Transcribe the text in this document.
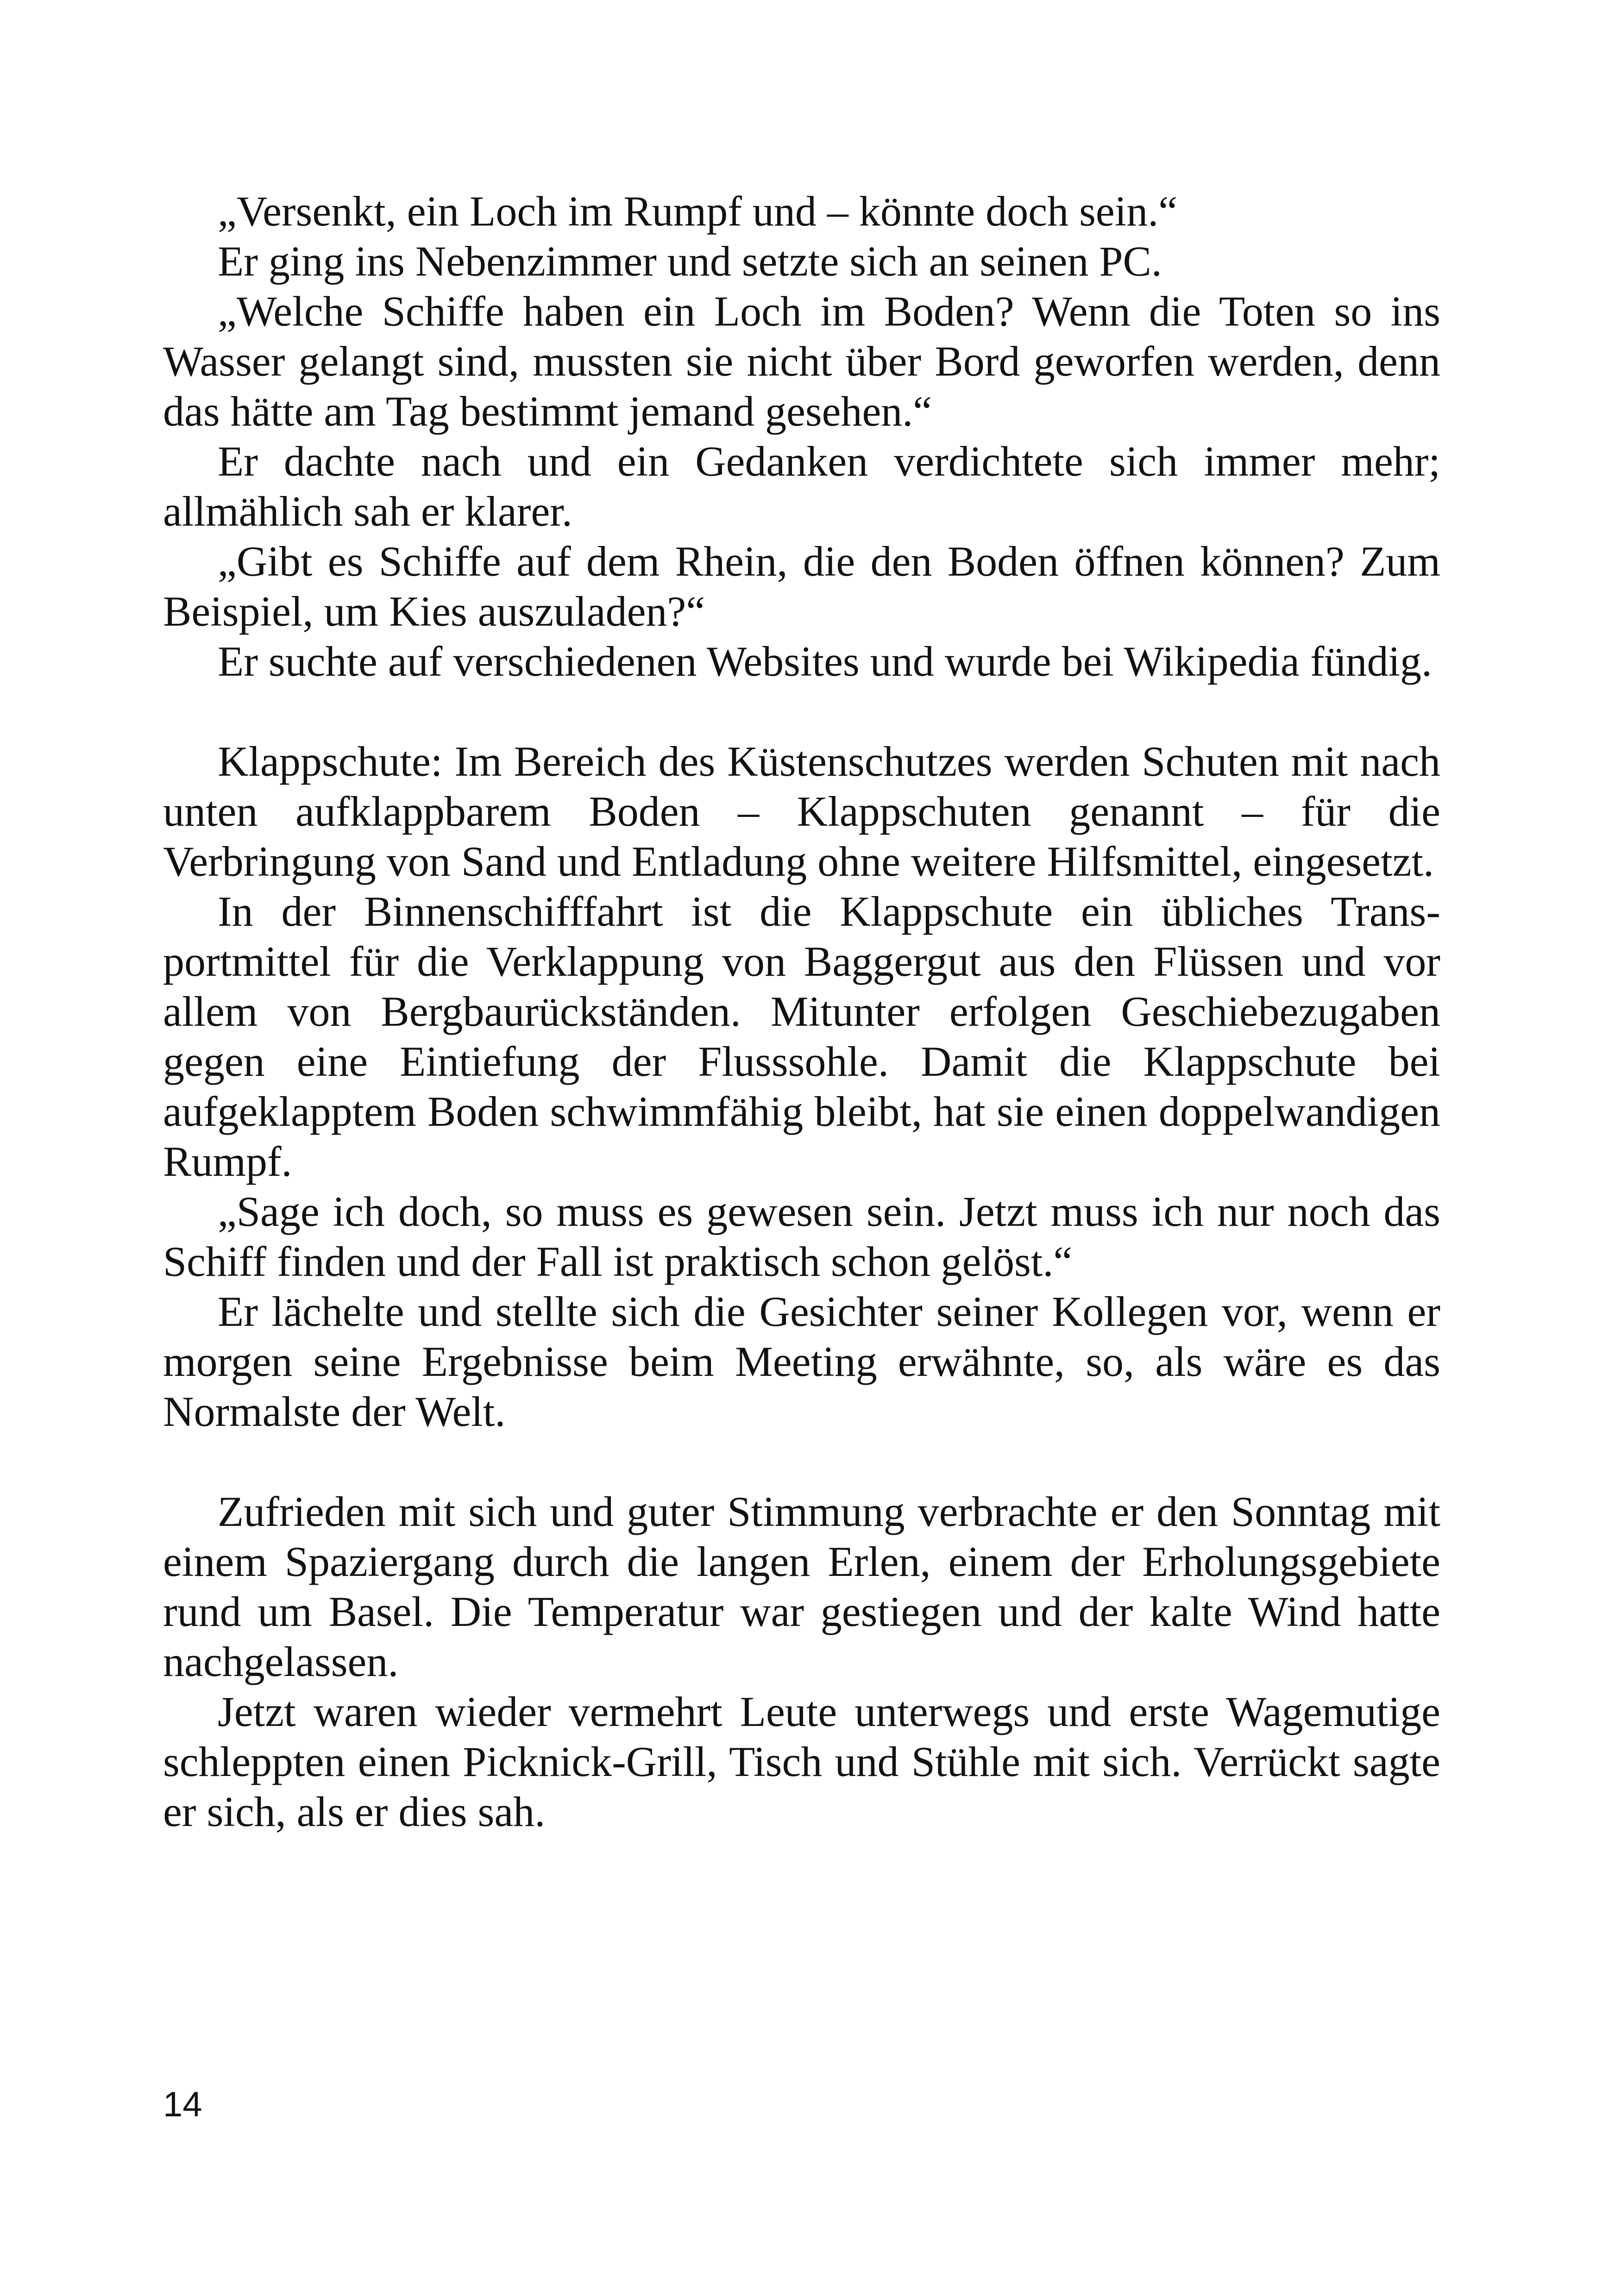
„Versenkt, ein Loch im Rumpf und – könnte doch sein.“

Er ging ins Nebenzimmer und setzte sich an seinen PC.

„Welche Schiffe haben ein Loch im Boden? Wenn die Toten so ins Wasser gelangt sind, mussten sie nicht über Bord geworfen werden, denn das hätte am Tag bestimmt jemand gesehen.“

Er dachte nach und ein Gedanken verdichtete sich immer mehr; allmählich sah er klarer.

„Gibt es Schiffe auf dem Rhein, die den Boden öffnen können? Zum Beispiel, um Kies auszuladen?“

Er suchte auf verschiedenen Websites und wurde bei Wikipedia fündig.

Klappschute: Im Bereich des Küstenschutzes werden Schuten mit nach unten aufklappbarem Boden – Klappschuten genannt – für die Verbringung von Sand und Entladung ohne weitere Hilfsmittel, eingesetzt.

In der Binnenschifffahrt ist die Klappschute ein übliches Transportmittel für die Verklappung von Baggergut aus den Flüssen und vor allem von Bergbaurückständen. Mitunter erfolgen Geschiebezugaben gegen eine Eintiefung der Flusssohle. Damit die Klappschute bei aufgeklapptem Boden schwimmfähig bleibt, hat sie einen doppelwandigen Rumpf.

„Sage ich doch, so muss es gewesen sein. Jetzt muss ich nur noch das Schiff finden und der Fall ist praktisch schon gelöst.“

Er lächelte und stellte sich die Gesichter seiner Kollegen vor, wenn er morgen seine Ergebnisse beim Meeting erwähnte, so, als wäre es das Normalste der Welt.

Zufrieden mit sich und guter Stimmung verbrachte er den Sonntag mit einem Spaziergang durch die langen Erlen, einem der Erholungsgebiete rund um Basel. Die Temperatur war gestiegen und der kalte Wind hatte nachgelassen.

Jetzt waren wieder vermehrt Leute unterwegs und erste Wagemutige schleppten einen Picknick-Grill, Tisch und Stühle mit sich. Verrückt sagte er sich, als er dies sah.

14
